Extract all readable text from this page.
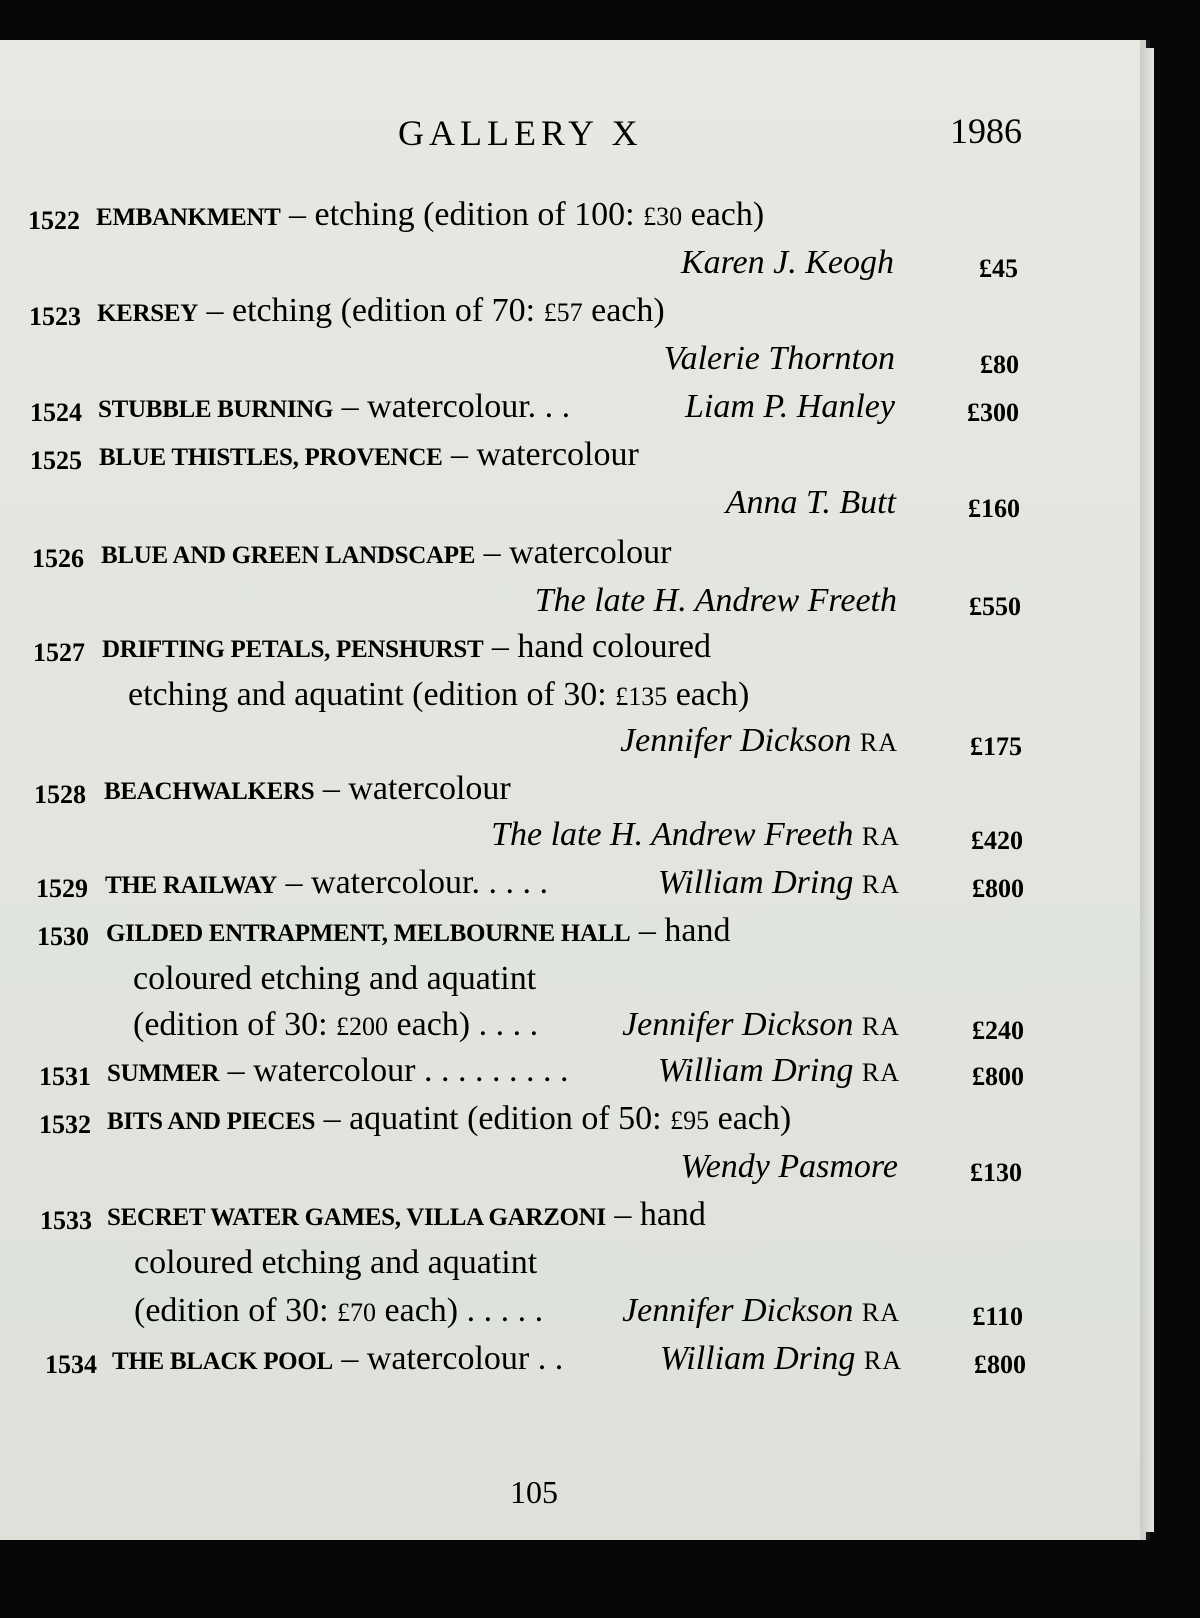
GALLERY X	1986
1522 EMBANKMENT – etching (edition of 100: £30 each)
Karen J. Keogh	£45
1523 KERSEY – etching (edition of 70: £57 each)
Valerie Thornton	£80
1524 STUBBLE BURNING – watercolour. . .	Liam P. Hanley	£300
1525 BLUE THISTLES, PROVENCE – watercolour
Anna T. Butt	£160
1526 BLUE AND GREEN LANDSCAPE – watercolour
The late H. Andrew Freeth	£550
1527 DRIFTING PETALS, PENSHURST – hand coloured
etching and aquatint (edition of 30: £135 each)
Jennifer Dickson RA	£175
1528 BEACHWALKERS – watercolour
The late H. Andrew Freeth RA	£420
1529 THE RAILWAY – watercolour. . . . .	William Dring RA	£800
1530 GILDED ENTRAPMENT, MELBOURNE HALL – hand
coloured etching and aquatint
(edition of 30: £200 each) . . . . Jennifer Dickson RA	£240
1531 SUMMER – watercolour . . . . . . . . .	William Dring RA	£800
1532 BITS AND PIECES – aquatint (edition of 50: £95 each)
Wendy Pasmore	£130
1533 SECRET WATER GAMES, VILLA GARZONI – hand
coloured etching and aquatint
(edition of 30: £70 each) . . . . . Jennifer Dickson RA	£110
1534 THE BLACK POOL – watercolour . .	William Dring RA	£800
105
